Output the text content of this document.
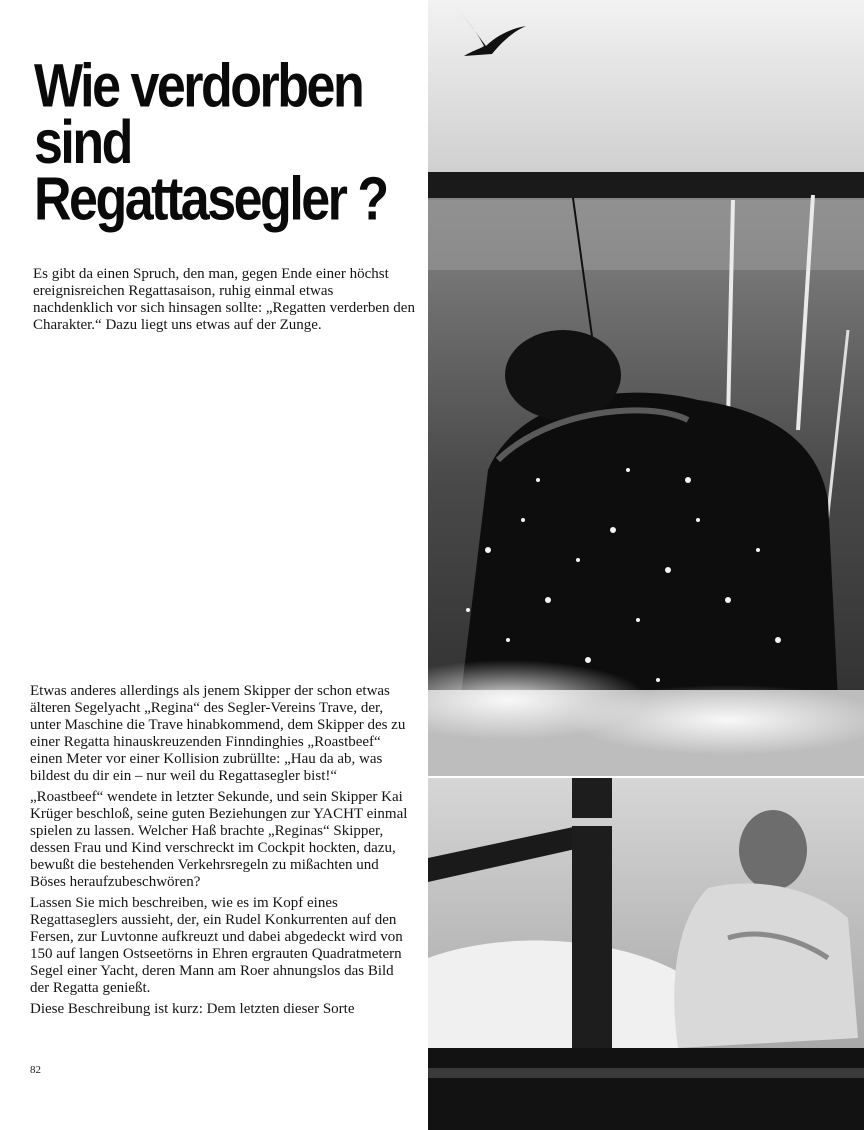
Wie verdorben
sind Regattasegler ?

Es gibt da einen Spruch, den man, gegen Ende einer höchst ereignisreichen Regattasaison, ruhig einmal etwas nachdenklich vor sich hinsagen sollte: „Regatten verderben den Charakter.“ Dazu liegt uns etwas auf der Zunge.

Etwas anderes allerdings als jenem Skipper der schon etwas älteren Segelyacht „Regina“ des Segler-Vereins Trave, der, unter Maschine die Trave hinabkommend, dem Skipper des zu einer Regatta hinauskreuzenden Finndinghies „Roastbeef“ einen Meter vor einer Kollision zubrüllte: „Hau da ab, was bildest du dir ein – nur weil du Regattasegler bist!“

„Roastbeef“ wendete in letzter Sekunde, und sein Skipper Kai Krüger beschloß, seine guten Beziehungen zur YACHT einmal spielen zu lassen. Welcher Haß brachte „Reginas“ Skipper, dessen Frau und Kind verschreckt im Cockpit hockten, dazu, bewußt die bestehenden Verkehrsregeln zu mißachten und Böses heraufzubeschwören?

Lassen Sie mich beschreiben, wie es im Kopf eines Regattaseglers aussieht, der, ein Rudel Konkurrenten auf den Fersen, zur Luvtonne aufkreuzt und dabei abgedeckt wird von 150 auf langen Ostseetörns in Ehren ergrauten Quadratmetern Segel einer Yacht, deren Mann am Roer ahnungslos das Bild der Regatta genießt.

Diese Beschreibung ist kurz: Dem letzten dieser Sorte

82
